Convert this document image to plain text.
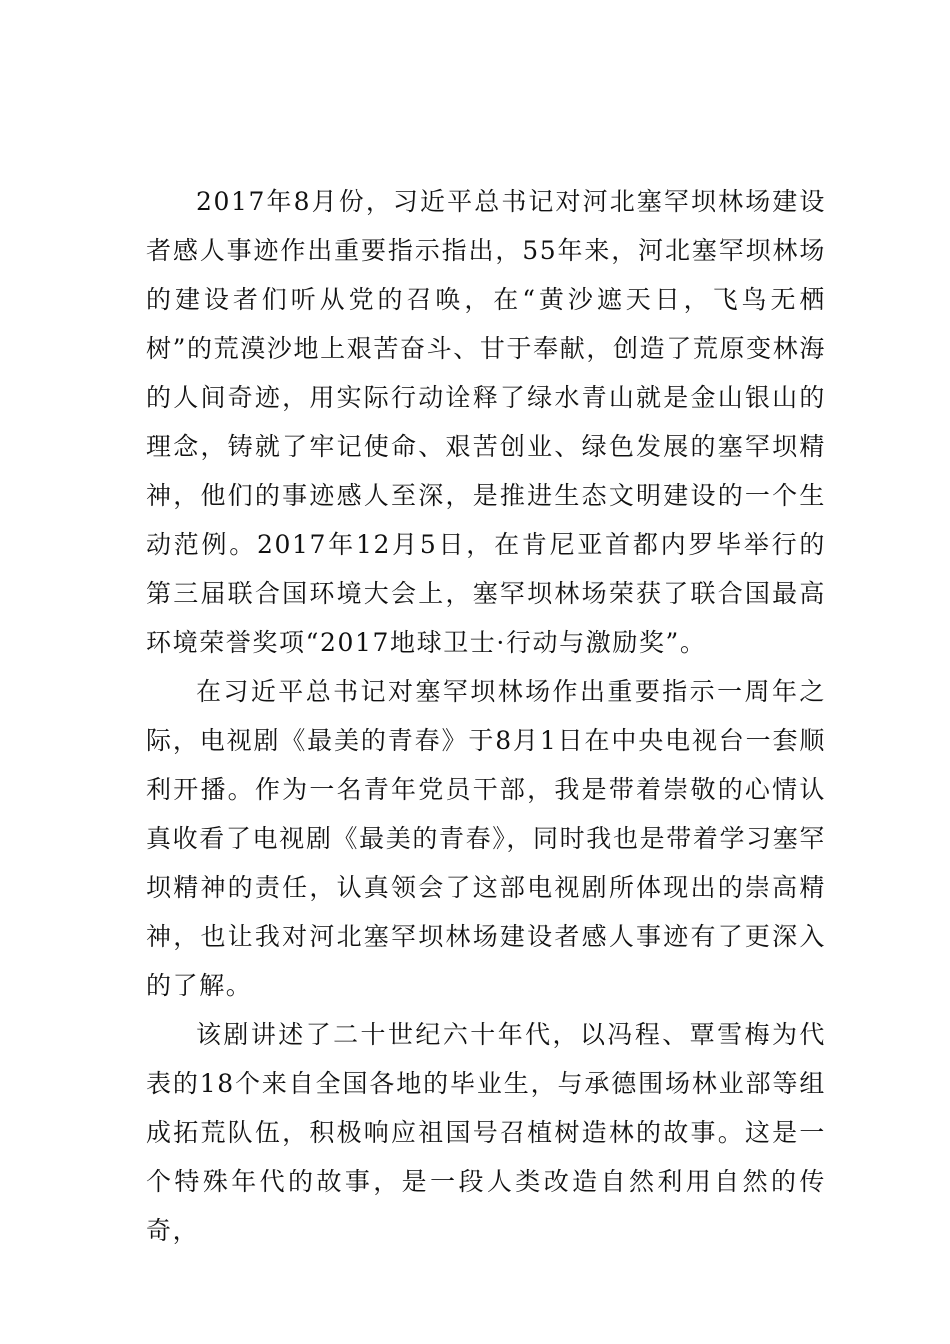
2017年8月份，习近平总书记对河北塞罕坝林场建设者感人事迹作出重要指示指出，55年来，河北塞罕坝林场的建设者们听从党的召唤，在“黄沙遮天日，飞鸟无栖树”的荒漠沙地上艰苦奋斗、甘于奉献，创造了荒原变林海的人间奇迹，用实际行动诠释了绿水青山就是金山银山的理念，铸就了牢记使命、艰苦创业、绿色发展的塞罕坝精神，他们的事迹感人至深，是推进生态文明建设的一个生动范例。2017年12月5日，在肯尼亚首都内罗毕举行的第三届联合国环境大会上，塞罕坝林场荣获了联合国最高环境荣誉奖项“2017地球卫士·行动与激励奖”。

在习近平总书记对塞罕坝林场作出重要指示一周年之际，电视剧《最美的青春》于8月1日在中央电视台一套顺利开播。作为一名青年党员干部，我是带着崇敬的心情认真收看了电视剧《最美的青春》，同时我也是带着学习塞罕坝精神的责任，认真领会了这部电视剧所体现出的崇高精神，也让我对河北塞罕坝林场建设者感人事迹有了更深入的了解。

该剧讲述了二十世纪六十年代，以冯程、覃雪梅为代表的18个来自全国各地的毕业生，与承德围场林业部等组成拓荒队伍，积极响应祖国号召植树造林的故事。这是一个特殊年代的故事，是一段人类改造自然利用自然的传奇，
